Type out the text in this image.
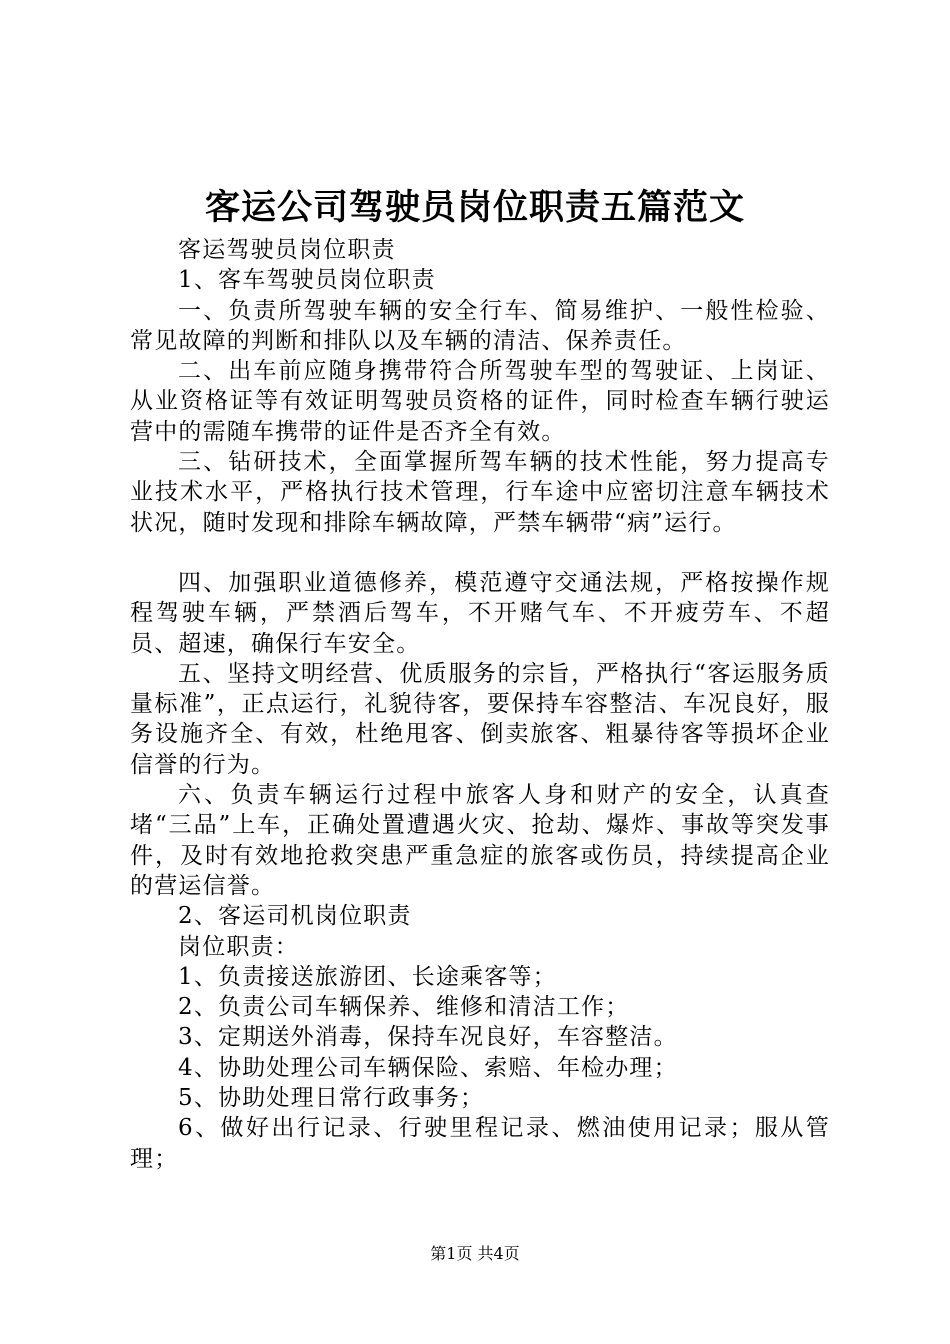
客运公司驾驶员岗位职责五篇范文

客运驾驶员岗位职责

1、客车驾驶员岗位职责

一、负责所驾驶车辆的安全行车、简易维护、一般性检验、常见故障的判断和排队以及车辆的清洁、保养责任。

二、出车前应随身携带符合所驾驶车型的驾驶证、上岗证、从业资格证等有效证明驾驶员资格的证件，同时检查车辆行驶运营中的需随车携带的证件是否齐全有效。

三、钻研技术，全面掌握所驾车辆的技术性能，努力提高专业技术水平，严格执行技术管理，行车途中应密切注意车辆技术状况，随时发现和排除车辆故障，严禁车辆带“病”运行。

四、加强职业道德修养，模范遵守交通法规，严格按操作规程驾驶车辆，严禁酒后驾车，不开赌气车、不开疲劳车、不超员、超速，确保行车安全。

五、坚持文明经营、优质服务的宗旨，严格执行“客运服务质量标准”，正点运行，礼貌待客，要保持车容整洁、车况良好，服务设施齐全、有效，杜绝甩客、倒卖旅客、粗暴待客等损坏企业信誉的行为。

六、负责车辆运行过程中旅客人身和财产的安全，认真查堵“三品”上车，正确处置遭遇火灾、抢劫、爆炸、事故等突发事件，及时有效地抢救突患严重急症的旅客或伤员，持续提高企业的营运信誉。

2、客运司机岗位职责

岗位职责：

1、负责接送旅游团、长途乘客等；

2、负责公司车辆保养、维修和清洁工作；

3、定期送外消毒，保持车况良好，车容整洁。

4、协助处理公司车辆保险、索赔、年检办理；

5、协助处理日常行政事务；

6、做好出行记录、行驶里程记录、燃油使用记录；服从管理；

第1页 共4页
